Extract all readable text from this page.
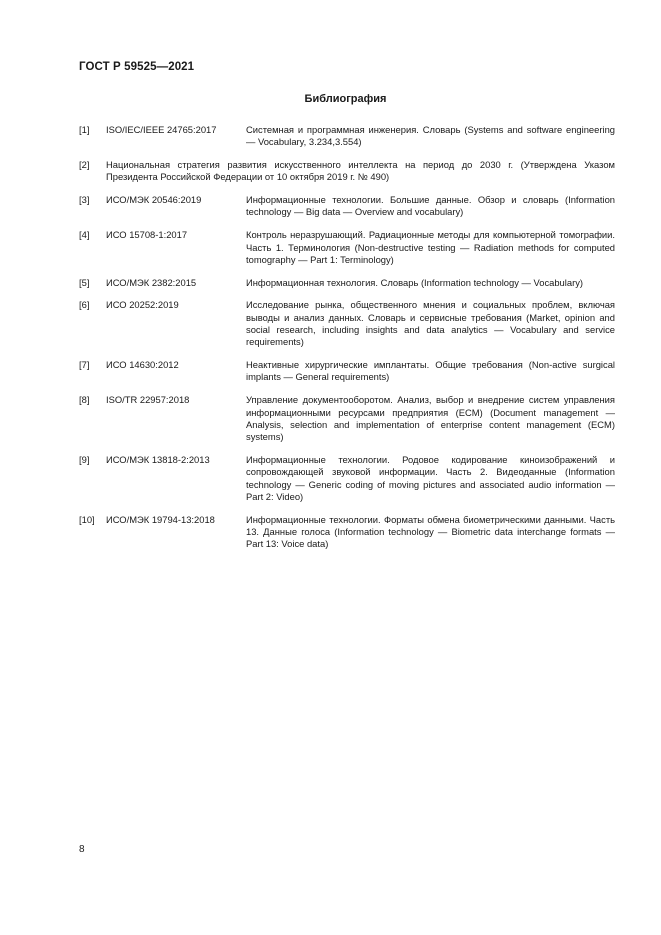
ГОСТ Р 59525—2021
Библиография
[1]	ISO/IEC/IEEE 24765:2017	Системная и программная инженерия. Словарь (Systems and software engineering — Vocabulary, 3.234,3.554)
[2]	Национальная стратегия развития искусственного интеллекта на период до 2030 г. (Утверждена Указом Президента Российской Федерации от 10 октября 2019 г. № 490)
[3]	ИСО/МЭК 20546:2019	Информационные технологии. Большие данные. Обзор и словарь (Information technology — Big data — Overview and vocabulary)
[4]	ИСО 15708-1:2017	Контроль неразрушающий. Радиационные методы для компьютерной томографии. Часть 1. Терминология (Non-destructive testing — Radiation methods for computed tomography — Part 1: Terminology)
[5]	ИСО/МЭК 2382:2015	Информационная технология. Словарь (Information technology — Vocabulary)
[6]	ИСО 20252:2019	Исследование рынка, общественного мнения и социальных проблем, включая выводы и анализ данных. Словарь и сервисные требования (Market, opinion and social research, including insights and data analytics — Vocabulary and service requirements)
[7]	ИСО 14630:2012	Неактивные хирургические имплантаты. Общие требования (Non-active surgical implants — General requirements)
[8]	ISO/TR 22957:2018	Управление документооборотом. Анализ, выбор и внедрение систем управления информационными ресурсами предприятия (ECM) (Document management — Analysis, selection and implementation of enterprise content management (ECM) systems)
[9]	ИСО/МЭК 13818-2:2013	Информационные технологии. Родовое кодирование киноизображений и сопровождающей звуковой информации. Часть 2. Видеоданные (Information technology — Generic coding of moving pictures and associated audio information — Part 2: Video)
[10]	ИСО/МЭК 19794-13:2018	Информационные технологии. Форматы обмена биометрическими данными. Часть 13. Данные голоса (Information technology — Biometric data interchange formats — Part 13: Voice data)
8
